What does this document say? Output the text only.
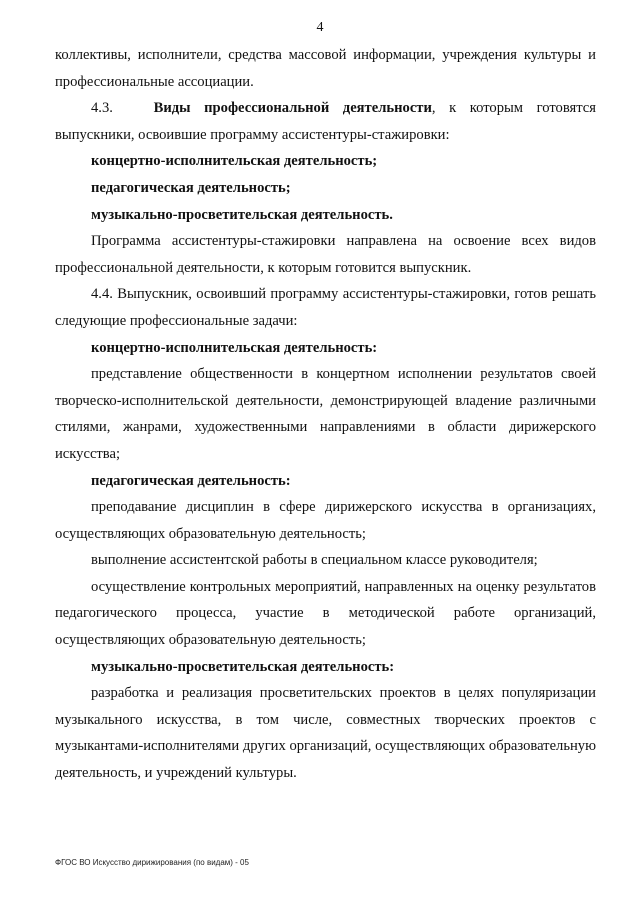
4

коллективы, исполнители, средства массовой информации, учреждения культуры и профессиональные ассоциации.

4.3.	Виды профессиональной деятельности, к которым готовятся выпускники, освоившие программу ассистентуры-стажировки:

концертно-исполнительская деятельность;

педагогическая деятельность;

музыкально-просветительская деятельность.

Программа ассистентуры-стажировки направлена на освоение всех видов профессиональной деятельности, к которым готовится выпускник.

4.4. Выпускник, освоивший программу ассистентуры-стажировки, готов решать следующие профессиональные задачи:

концертно-исполнительская деятельность:

представление общественности в концертном исполнении результатов своей творческо-исполнительской деятельности, демонстрирующей владение различными стилями, жанрами, художественными направлениями в области дирижерского искусства;

педагогическая деятельность:

преподавание дисциплин в сфере дирижерского искусства в организациях, осуществляющих образовательную деятельность;

выполнение ассистентской работы в специальном классе руководителя;

осуществление контрольных мероприятий, направленных на оценку результатов педагогического процесса, участие в методической работе организаций, осуществляющих образовательную деятельность;

музыкально-просветительская деятельность:

разработка и реализация просветительских проектов в целях популяризации музыкального искусства, в том числе, совместных творческих проектов с музыкантами-исполнителями других организаций, осуществляющих образовательную деятельность, и учреждений культуры.

ФГОС ВО Искусство дирижирования (по видам) - 05
